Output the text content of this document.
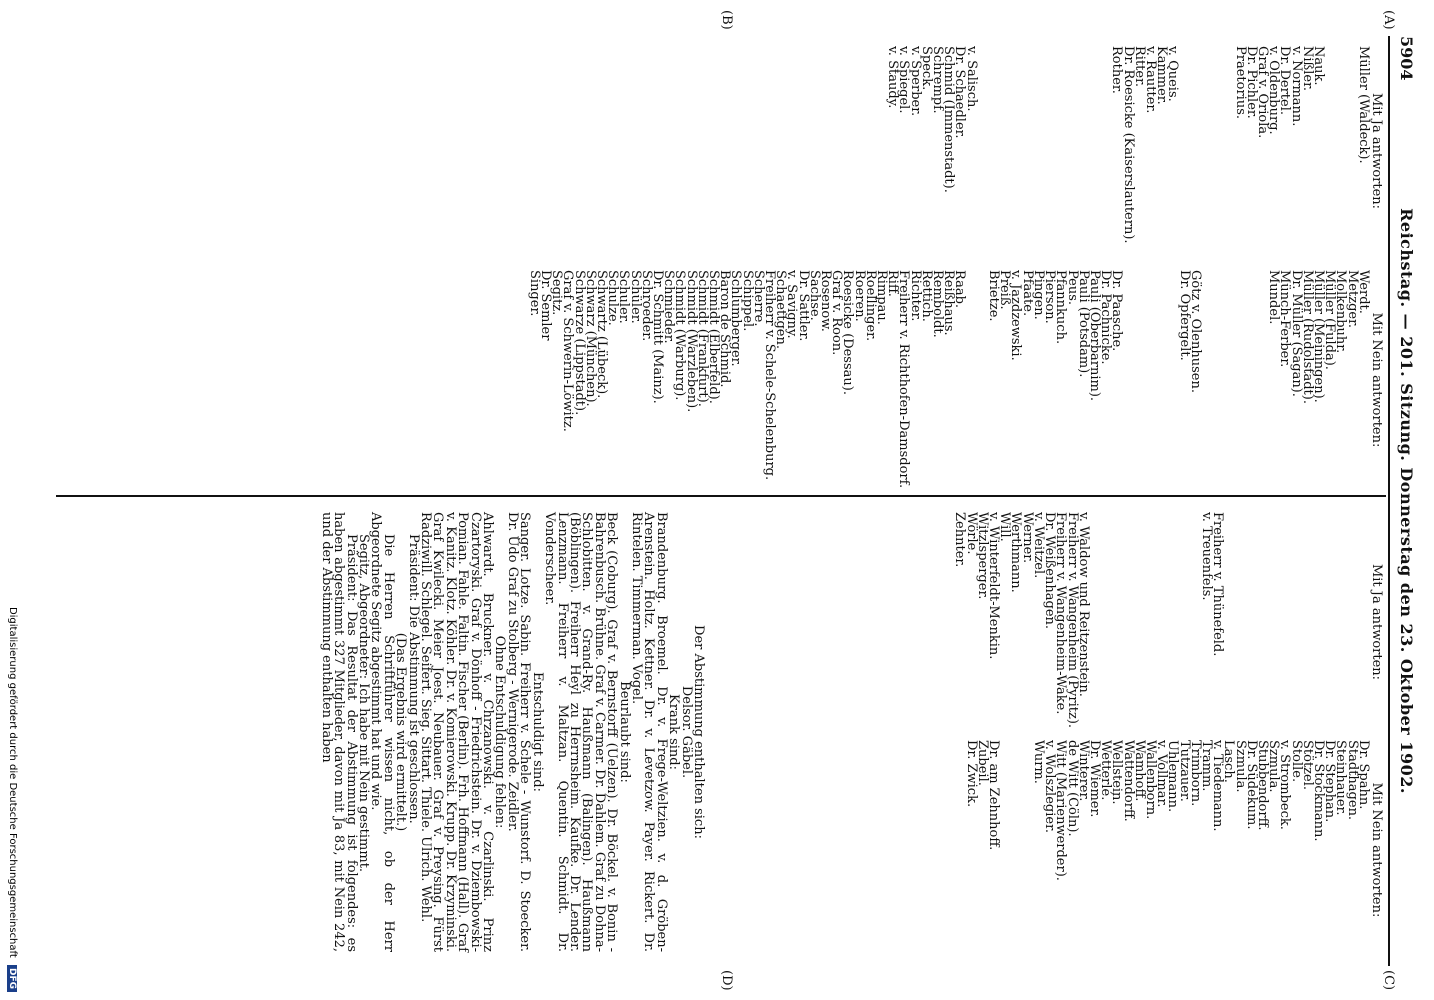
5904
Reichstag. — 201. Sitzung. Donnerstag den 23. Oktober 1902.
(A)
(B)
(C)
(D)
Mit Ja antworten:
Müller (Waldeck).

Nauk.
Nißler.
v. Normann.
Dr. Dertel.
v. Oldenburg.
Graf v. Oriola.
Dr. Pichler.
Praetorius.

v. Queis.
Kammer.
v. Rautter.
Ritter.
Dr. Roesicke (Kaiserslautern).
Rother.

v. Salisch.
Dr. Schaedler.
Schmid (Immenstadt).
Schrempf.
Speck.
v. Sperber.
v. Spiegel.
v. Staudy.
Mit Nein antworten:
Werdt.
Metzger.
Molkenbuhr.
Müller (Fulda).
Müller (Meiningen).
Müller (Rudolstadt).
Dr. Müller (Sagan).
Münch-Ferber.
Mundel.

Götz v. Olenhusen.
Dr. Opfergelt.

Dr. Paasche.
Dr. Pachnicke.
Pauli (Oberbarnim).
Pauli (Potsdam).
Peus.
Pfannkuch.
Pierson.
Pingen.
Pfaate.
v. Jazdzewski.
Preiß.
Brietze.

Raab.
Reißhaus.
Remboldt.
Rettich.
Richter.
Freiherr v. Richthofen-Damsdorf.
Riff.
Rimpau.
Roellinger.
Roeren.
Roesicke (Dessau).
Graf v. Roon.
Rosenow.
Sachse.
Dr. Sattler.
v. Savigny.
Schaettgen.
Freiherr v. Schele-Schelenburg.
Scherre.
Schippel.
Schlumberger.
Baron de Schmid.
Schmidt (Elberfeld).
Schmidt (Frankfurt).
Schmidt (Warzleben).
Schmidt (Warburg).
Schmieder.
Dr. Schmitt (Mainz).
Schroeder.
Schüler.
Schuler.
Schulze.
Schwartz (Lübeck).
Schwarz (München).
Schwarze (Lippstadt).
Graf v. Schwerin-Löwitz.
Segitz.
Dr. Semler
Singer.
Mit Ja antworten:

Freiherr v. Thünefeld.
v. Treuenfels.

v. Waldow und Reitzenstein.
Freiherr v. Wangenheim (Pyritz).
Freiherr v. Wangenheim-Wake.
Dr. Weißenhagen.
v. Weitzel.
Werner.
Werthmann.
Will.
v. Winterfeldt-Menkin.
Witzlsperger.
Wörle.
Zehnter.
Mit Nein antworten:
Dr. Spahn.
Stadthagen.
Steinhauer.
Dr. Stephan.
Dr. Stockmann.
Stötzel.
Stolle.
v. Strombeck.
Szmula.
Stubbendorff.
Dr. Südekum.
Szmula.
Lasch.
v. Tiedemann.
Tramm.
Trimborn.
Tutzauer.
Uhlemann.
v. Vollmar.
Wallenborn.
Wamhoff.
Wattendorff.
Wellstein.
Wetterlé.
Dr. Wiemer.
Winterer.
de Witt (Cöln).
Witt (Marienwerder).
v. Wolszlegier.
Wurm.

Dr. am Zehnhoff.
Zubeil.
Dr. Zwick.
Der Abstimmung enthalten sich:
Delsor. Gäbel.
Krank sind:
Brandenburg. Broemel. Dr. v. Frege-Weltzien. v. d. Gröben-Arenstein. Holtz. Kettner. Dr. v. Levetzow. Payer. Rickert. Dr. Rintelen. Timmerman. Vogel.
Beurlaubt sind:
Beck (Coburg). Graf v. Bernstorff (Uelzen). Dr. Böckel. v. Bonin - Bahrenbusch. Brühne. Graf v. Carmer. Dr. Dahlem. Graf zu Dohna-Schlobitten. v. Grand-Ry. Haußmann (Balingen). Haußmann (Böblingen). Freiherr Heyl zu Herrnsheim. Kaufke. Dr. Lender. Lenzmann. Freiherr v. Maltzan. Quentin. Schmidt. Dr. Vonderscheer.
Entschuldigt sind:
Sanger. Lotze. Sabin. Freiherr v. Schele - Wunstorf. D. Stoecker. Dr. Udo Graf zu Stolberg - Wernigerode. Zeidler.
Ohne Entschuldigung fehlen:
Ahlwardt. Bruckner. v. Chrzanowski. v. Czarlinski. Prinz Czartoryski. Graf v. Dönhoff - Friedrichstein. Dr. v. Dziembowski-Pomian. Fahle. Faltin. Fischer (Berlin). Frh. Hoffmann (Hall). Graf v. Kanitz. Klotz. Köhler. Dr. v. Komierowski. Krupp. Dr. Krzyminski. Graf Kwilecki. Meier Joest. Neubauer. Graf v. Preysing. Fürst Radziwill. Schlegel. Seifert. Sieg. Sittart. Thiele. Ulrich. Wehl.
Präsident: Die Abstimmung ist geschlossen.
(Das Ergebnis wird ermittelt.)
Die Herren Schriftführer wissen nicht, ob der Herr Abgeordnete Segitz abgestimmt hat und wie.
Segitz, Abgeordneter: Ich habe mit Nein gestimmt.
Präsident: Das Resultat der Abstimmung ist folgendes: es haben abgestimmt 327 Mitglieder, davon mit Ja 83, mit Nein 242, und der Abstimmung enthalten haben
Digitalisierung gefördert durch die Deutsche Forschungsgemeinschaft DFG
